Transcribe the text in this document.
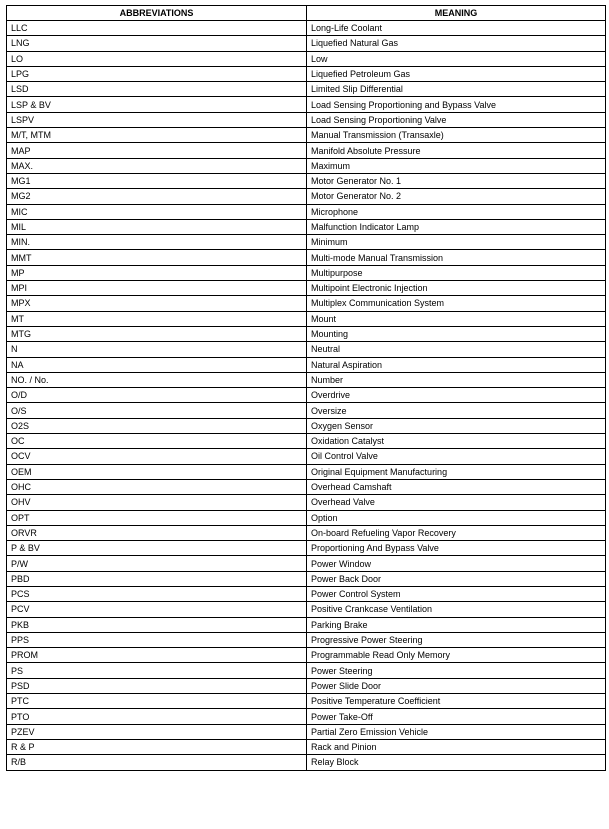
ABBREVIATIONS	MEANING
LLC	Long-Life Coolant
LNG	Liquefied Natural Gas
LO	Low
LPG	Liquefied Petroleum Gas
LSD	Limited Slip Differential
LSP & BV	Load Sensing Proportioning and Bypass Valve
LSPV	Load Sensing Proportioning Valve
M/T, MTM	Manual Transmission (Transaxle)
MAP	Manifold Absolute Pressure
MAX.	Maximum
MG1	Motor Generator No. 1
MG2	Motor Generator No. 2
MIC	Microphone
MIL	Malfunction Indicator Lamp
MIN.	Minimum
MMT	Multi-mode Manual Transmission
MP	Multipurpose
MPI	Multipoint Electronic Injection
MPX	Multiplex Communication System
MT	Mount
MTG	Mounting
N	Neutral
NA	Natural Aspiration
NO. / No.	Number
O/D	Overdrive
O/S	Oversize
O2S	Oxygen Sensor
OC	Oxidation Catalyst
OCV	Oil Control Valve
OEM	Original Equipment Manufacturing
OHC	Overhead Camshaft
OHV	Overhead Valve
OPT	Option
ORVR	On-board Refueling Vapor Recovery
P & BV	Proportioning And Bypass Valve
P/W	Power Window
PBD	Power Back Door
PCS	Power Control System
PCV	Positive Crankcase Ventilation
PKB	Parking Brake
PPS	Progressive Power Steering
PROM	Programmable Read Only Memory
PS	Power Steering
PSD	Power Slide Door
PTC	Positive Temperature Coefficient
PTO	Power Take-Off
PZEV	Partial Zero Emission Vehicle
R & P	Rack and Pinion
R/B	Relay Block
